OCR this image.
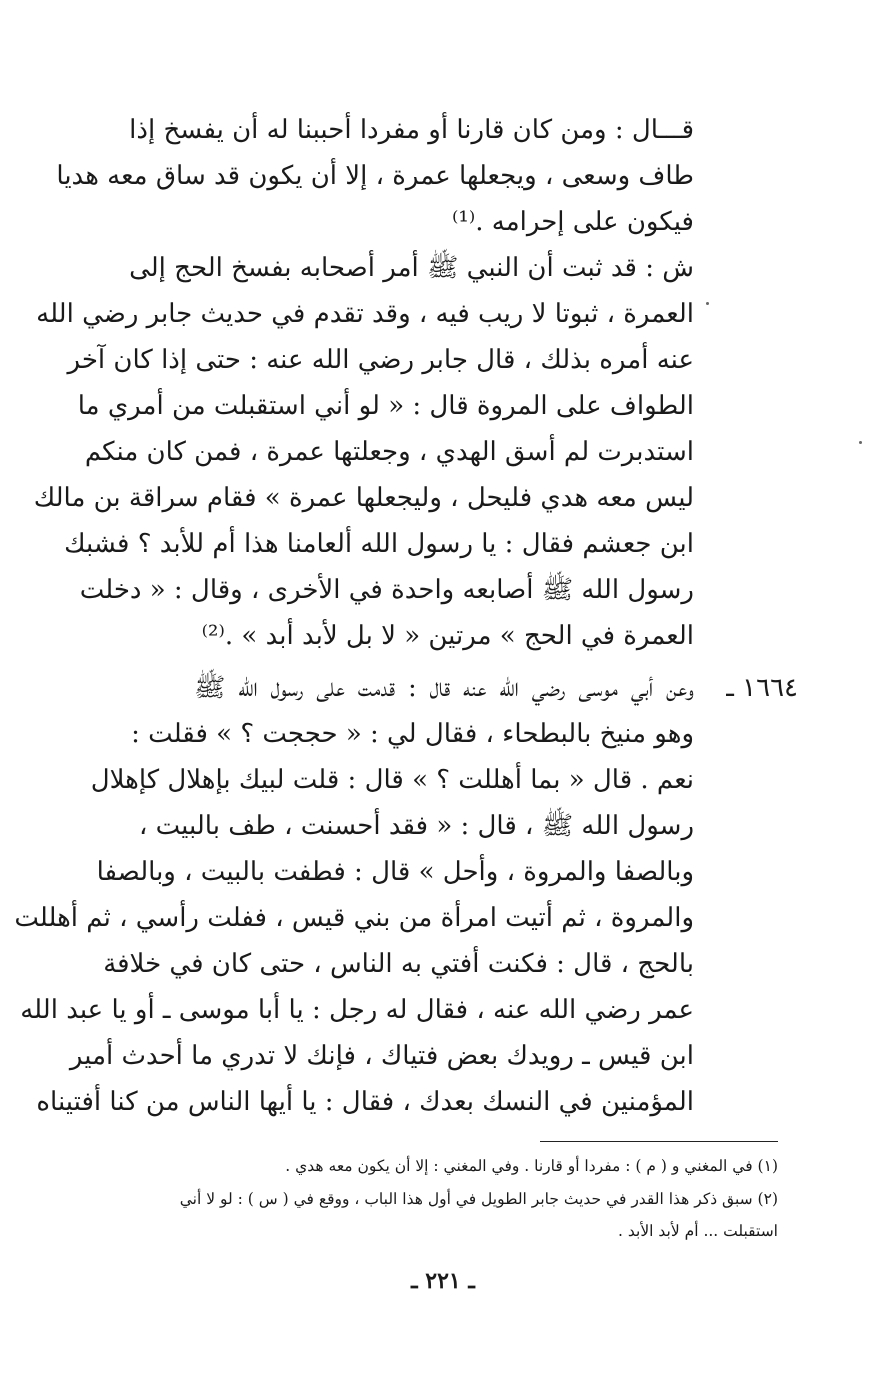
قـــال : ومن كان قارنا أو مفردا أحببنا له أن يفسخ إذا
طاف وسعى ، ويجعلها عمرة ، إلا أن يكون قد ساق معه هديا
فيكون على إحرامه .⁽¹⁾
ش : قد ثبت أن النبي ﷺ أمر أصحابه بفسخ الحج إلى
العمرة ، ثبوتا لا ريب فيه ، وقد تقدم في حديث جابر رضي الله
عنه أمره بذلك ، قال جابر رضي الله عنه : حتى إذا كان آخر
الطواف على المروة قال : « لو أني استقبلت من أمري ما
استدبرت لم أسق الهدي ، وجعلتها عمرة ، فمن كان منكم
ليس معه هدي فليحل ، وليجعلها عمرة » فقام سراقة بن مالك
ابن جعشم فقال : يا رسول الله ألعامنا هذا أم للأبد ؟ فشبك
رسول الله ﷺ أصابعه واحدة في الأخرى ، وقال : « دخلت
العمرة في الحج » مرتين « لا بل لأبد أبد » .⁽²⁾
١٦٦٤ ـ
وعن أبي موسى رضي الله عنه قال : قدمت على رسول الله ﷺ
وهو منيخ بالبطحاء ، فقال لي : « حججت ؟ » فقلت :
نعم . قال « بما أهللت ؟ » قال : قلت لبيك بإهلال كإهلال
رسول الله ﷺ ، قال : « فقد أحسنت ، طف بالبيت ،
وبالصفا والمروة ، وأحل » قال : فطفت بالبيت ، وبالصفا
والمروة ، ثم أتيت امرأة من بني قيس ، ففلت رأسي ، ثم أهللت
بالحج ، قال : فكنت أفتي به الناس ، حتى كان في خلافة
عمر رضي الله عنه ، فقال له رجل : يا أبا موسى ـ أو يا عبد الله
ابن قيس ـ رويدك بعض فتياك ، فإنك لا تدري ما أحدث أمير
المؤمنين في النسك بعدك ، فقال : يا أيها الناس من كنا أفتيناه
(١) في المغني و ( م ) : مفردا أو قارنا . وفي المغني : إلا أن يكون معه هدي .
(٢) سبق ذكر هذا القدر في حديث جابر الطويل في أول هذا الباب ، ووقع في ( س ) : لو لا أني
استقبلت ... أم لأبد الأبد .
ـ ٢٢١ ـ
